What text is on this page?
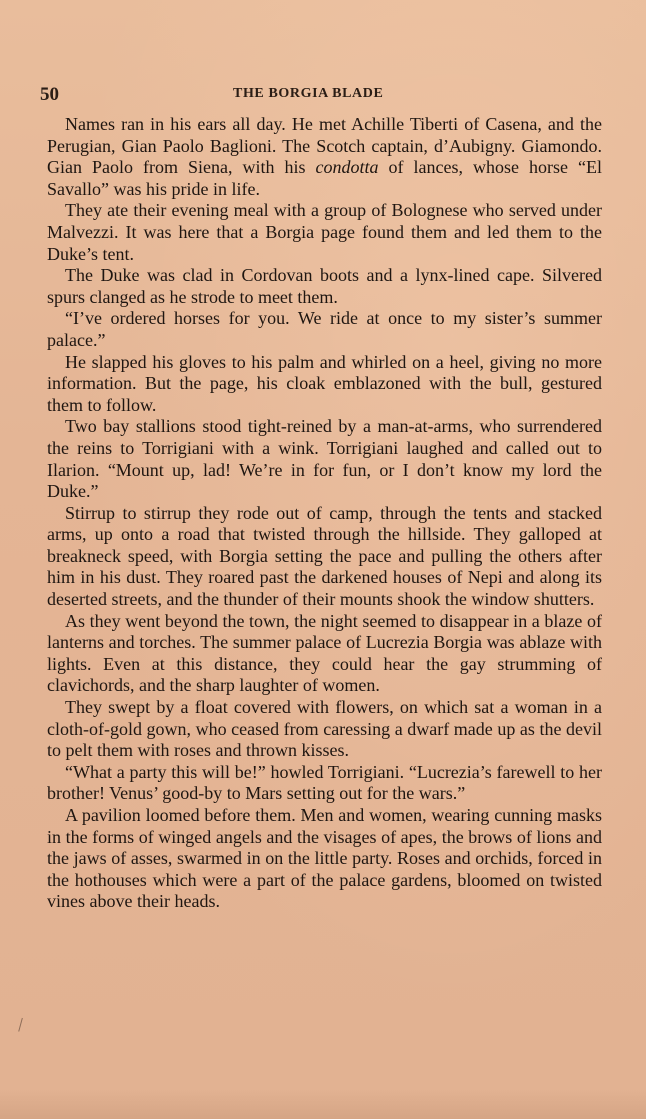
50	THE BORGIA BLADE

Names ran in his ears all day. He met Achille Tiberti of Casena, and the Perugian, Gian Paolo Baglioni. The Scotch captain, d’Aubigny. Giamondo. Gian Paolo from Siena, with his condotta of lances, whose horse “El Savallo” was his pride in life.

They ate their evening meal with a group of Bolognese who served under Malvezzi. It was here that a Borgia page found them and led them to the Duke’s tent.

The Duke was clad in Cordovan boots and a lynx-lined cape. Silvered spurs clanged as he strode to meet them.

“I’ve ordered horses for you. We ride at once to my sister’s summer palace.”

He slapped his gloves to his palm and whirled on a heel, giving no more information. But the page, his cloak emblazoned with the bull, gestured them to follow.

Two bay stallions stood tight-reined by a man-at-arms, who surrendered the reins to Torrigiani with a wink. Torrigiani laughed and called out to Ilarion. “Mount up, lad! We’re in for fun, or I don’t know my lord the Duke.”

Stirrup to stirrup they rode out of camp, through the tents and stacked arms, up onto a road that twisted through the hillside. They galloped at breakneck speed, with Borgia setting the pace and pulling the others after him in his dust. They roared past the darkened houses of Nepi and along its deserted streets, and the thunder of their mounts shook the window shutters.

As they went beyond the town, the night seemed to disappear in a blaze of lanterns and torches. The summer palace of Lucrezia Borgia was ablaze with lights. Even at this distance, they could hear the gay strumming of clavichords, and the sharp laughter of women.

They swept by a float covered with flowers, on which sat a woman in a cloth-of-gold gown, who ceased from caressing a dwarf made up as the devil to pelt them with roses and thrown kisses.

“What a party this will be!” howled Torrigiani. “Lucrezia’s farewell to her brother! Venus’ good-by to Mars setting out for the wars.”

A pavilion loomed before them. Men and women, wearing cunning masks in the forms of winged angels and the visages of apes, the brows of lions and the jaws of asses, swarmed in on the little party. Roses and orchids, forced in the hothouses which were a part of the palace gardens, bloomed on twisted vines above their heads.
